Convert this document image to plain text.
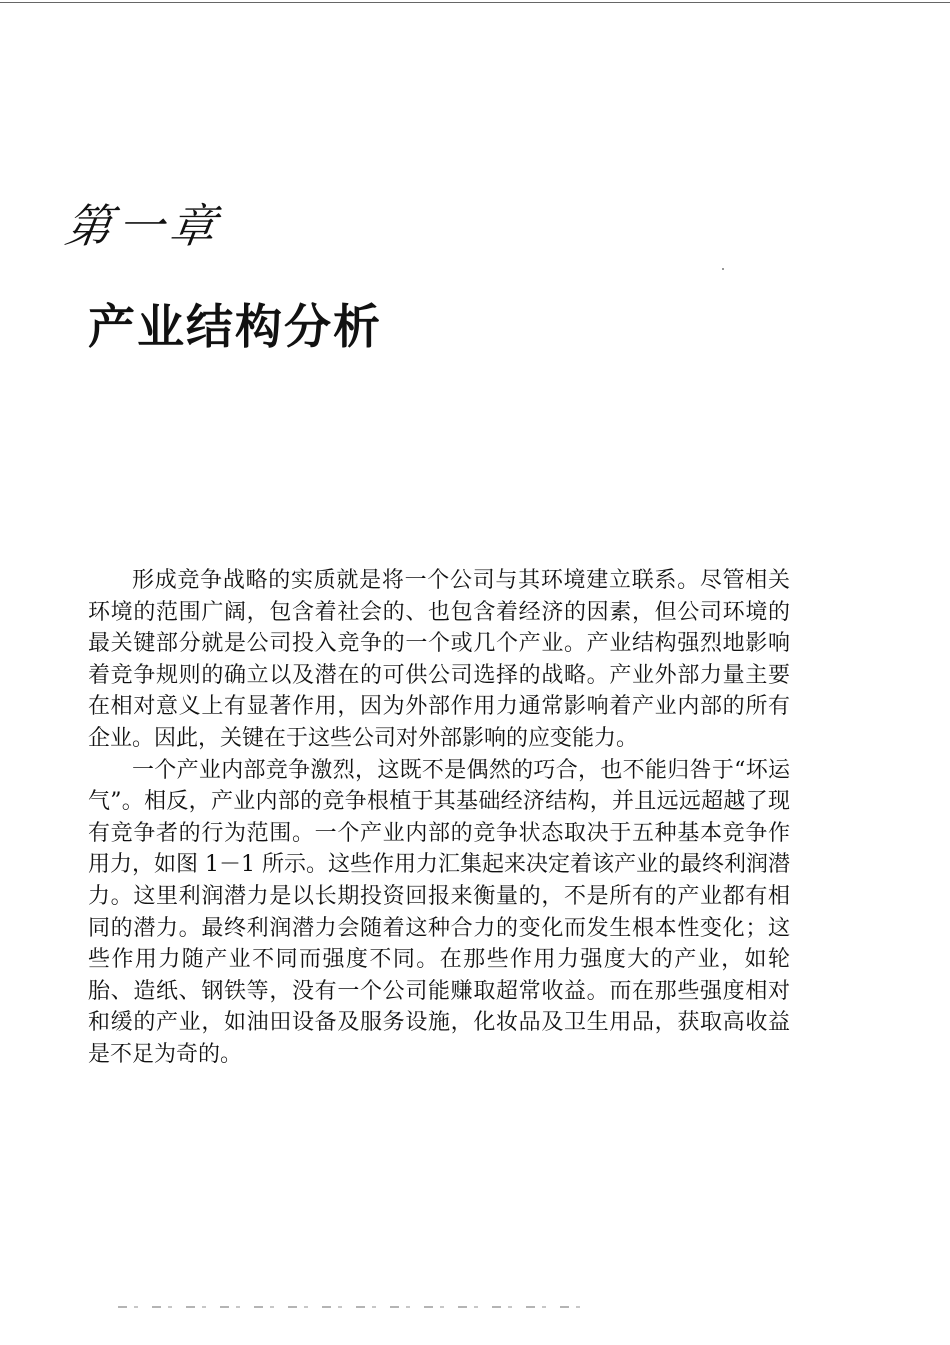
第一章
产业结构分析

形成竞争战略的实质就是将一个公司与其环境建立联系。尽管相关环境的范围广阔，包含着社会的、也包含着经济的因素，但公司环境的最关键部分就是公司投入竞争的一个或几个产业。产业结构强烈地影响着竞争规则的确立以及潜在的可供公司选择的战略。产业外部力量主要在相对意义上有显著作用，因为外部作用力通常影响着产业内部的所有企业。因此，关键在于这些公司对外部影响的应变能力。

一个产业内部竞争激烈，这既不是偶然的巧合，也不能归咎于“坏运气”。相反，产业内部的竞争根植于其基础经济结构，并且远远超越了现有竞争者的行为范围。一个产业内部的竞争状态取决于五种基本竞争作用力，如图 1－1 所示。这些作用力汇集起来决定着该产业的最终利润潜力。这里利润潜力是以长期投资回报来衡量的，不是所有的产业都有相同的潜力。最终利润潜力会随着这种合力的变化而发生根本性变化；这些作用力随产业不同而强度不同。在那些作用力强度大的产业，如轮胎、造纸、钢铁等，没有一个公司能赚取超常收益。而在那些强度相对和缓的产业，如油田设备及服务设施，化妆品及卫生用品，获取高收益是不足为奇的。
